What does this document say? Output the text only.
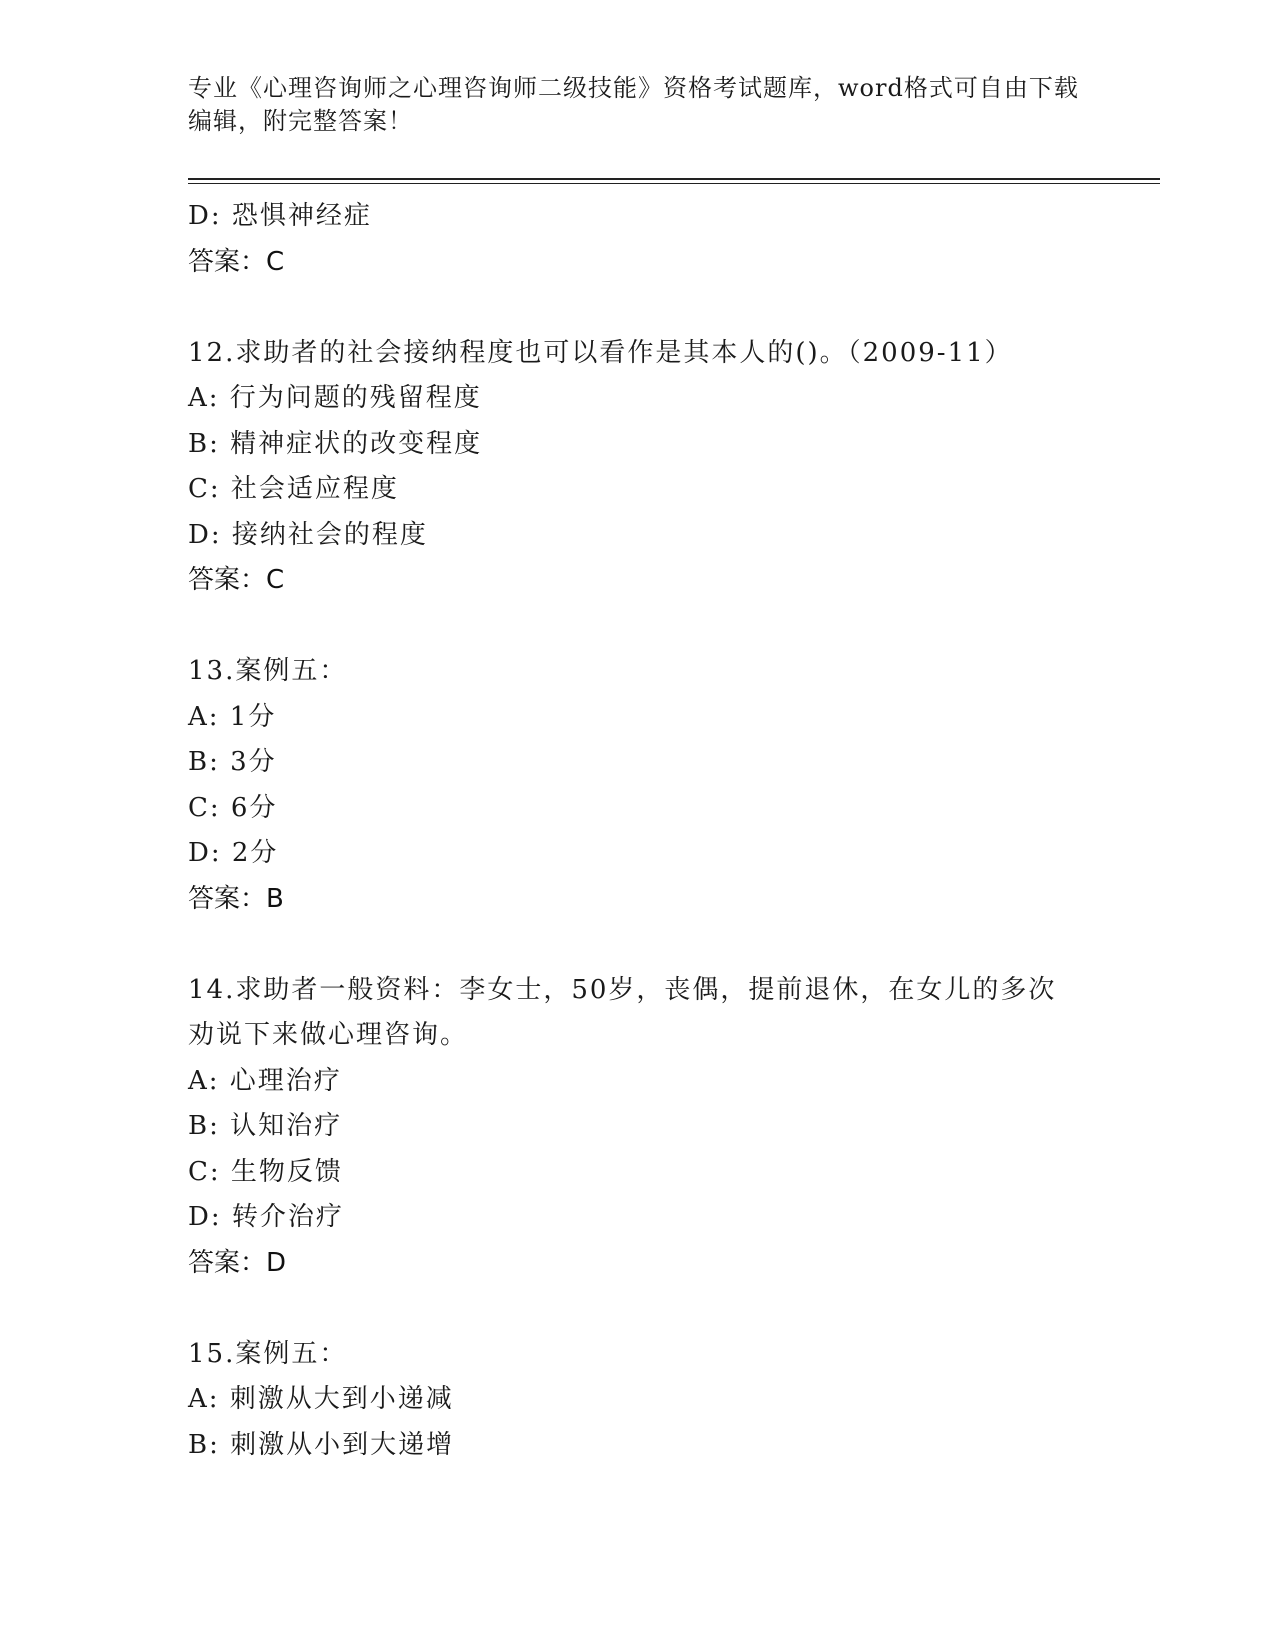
专业《心理咨询师之心理咨询师二级技能》资格考试题库，word格式可自由下载
编辑，附完整答案！
D: 恐惧神经症
答案：C
12.求助者的社会接纳程度也可以看作是其本人的()。（2009-11）
A: 行为问题的残留程度
B: 精神症状的改变程度
C: 社会适应程度
D: 接纳社会的程度
答案：C
13.案例五：
A: 1分
B: 3分
C: 6分
D: 2分
答案：B
14.求助者一般资料：李女士，50岁，丧偶，提前退休，在女儿的多次
劝说下来做心理咨询。
A: 心理治疗
B: 认知治疗
C: 生物反馈
D: 转介治疗
答案：D
15.案例五：
A: 刺激从大到小递减
B: 刺激从小到大递增
